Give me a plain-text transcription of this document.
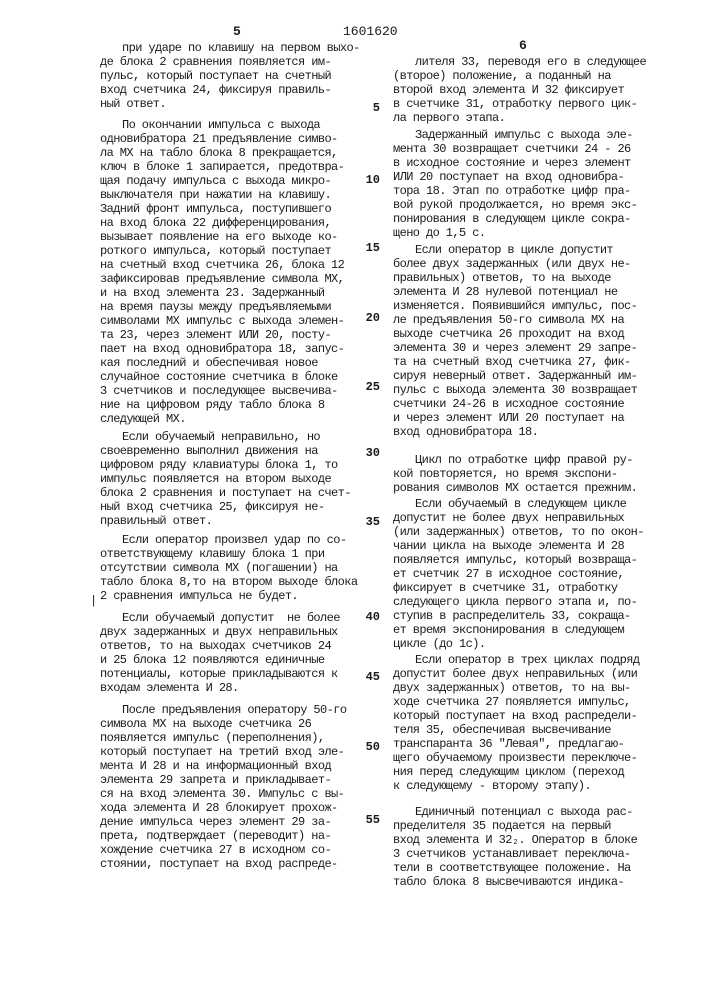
5	1601620
6
|
при ударе по клавишу на первом выхо-
де блока 2 сравнения появляется им-
пульс, который поступает на счетный
вход счетчика 24, фиксируя правиль-
ный ответ.
По окончании импульса с выхода
одновибратора 21 предъявление симво-
ла МХ на табло блока 8 прекращается,
ключ в блоке 1 запирается, предотвра-
щая подачу импульса с выхода микро-
выключателя при нажатии на клавишу.
Задний фронт импульса, поступившего
на вход блока 22 дифференцирования,
вызывает появление на его выходе ко-
роткого импульса, который поступает
на счетный вход счетчика 26, блока 12
зафиксировав предъявление символа МХ,
и на вход элемента 23. Задержанный
на время паузы между предъявляемыми
символами МХ импульс с выхода элемен-
та 23, через элемент ИЛИ 20, посту-
пает на вход одновибратора 18, запус-
кая последний и обеспечивая новое
случайное состояние счетчика в блоке
3 счетчиков и последующее высвечива-
ние на цифровом ряду табло блока 8
следующей МХ.
Если обучаемый неправильно, но
своевременно выполнил движения на
цифровом ряду клавиатуры блока 1, то
импульс появляется на втором выходе
блока 2 сравнения и поступает на счет-
ный вход счетчика 25, фиксируя не-
правильный ответ.
Если оператор произвел удар по со-
ответствующему клавишу блока 1 при
отсутствии символа МХ (погашении) на
табло блока 8,то на втором выходе блока
2 сравнения импульса не будет.
Если обучаемый допустит  не более
двух задержанных и двух неправильных
ответов, то на выходах счетчиков 24
и 25 блока 12 появляются единичные
потенциалы, которые прикладываются к
входам элемента И 28.
После предъявления оператору 50-го
символа МХ на выходе счетчика 26
появляется импульс (переполнения),
который поступает на третий вход эле-
мента И 28 и на информационный вход
элемента 29 запрета и прикладывает-
ся на вход элемента 30. Импульс с вы-
хода элемента И 28 блокирует прохож-
дение импульса через элемент 29 за-
прета, подтверждает (переводит) на-
хождение счетчика 27 в исходном со-
стоянии, поступает на вход распреде-
лителя 33, переводя его в следующее
(второе) положение, а поданный на
второй вход элемента И 32 фиксирует
в счетчике 31, отработку первого цик-
ла первого этапа.
Задержанный импульс с выхода эле-
мента 30 возвращает счетчики 24 - 26
в исходное состояние и через элемент
ИЛИ 20 поступает на вход одновибра-
тора 18. Этап по отработке цифр пра-
вой рукой продолжается, но время экс-
понирования в следующем цикле сокра-
щено до 1,5 с.
Если оператор в цикле допустит
более двух задержанных (или двух не-
правильных) ответов, то на выходе
элемента И 28 нулевой потенциал не
изменяется. Появившийся импульс, пос-
ле предъявления 50-го символа МХ на
выходе счетчика 26 проходит на вход
элемента 30 и через элемент 29 запре-
та на счетный вход счетчика 27, фик-
сируя неверный ответ. Задержанный им-
пульс с выхода элемента 30 возвращает
счетчики 24-26 в исходное состояние
и через элемент ИЛИ 20 поступает на
вход одновибратора 18.
Цикл по отработке цифр правой ру-
кой повторяется, но время экспони-
рования символов МХ остается прежним.
Если обучаемый в следующем цикле
допустит не более двух неправильных
(или задержанных) ответов, то по окон-
чании цикла на выходе элемента И 28
появляется импульс, который возвраща-
ет счетчик 27 в исходное состояние,
фиксирует в счетчике 31, отработку
следующего цикла первого этапа и, по-
ступив в распределитель 33, сокраща-
ет время экспонирования в следующем
цикле (до 1с).
Если оператор в трех циклах подряд
допустит более двух неправильных (или
двух задержанных) ответов, то на вы-
ходе счетчика 27 появляется импульс,
который поступает на вход распредели-
теля 35, обеспечивая высвечивание
транспаранта 36 "Левая", предлагаю-
щего обучаемому произвести переключе-
ния перед следующим циклом (переход
к следующему - второму этапу).
Единичный потенциал с выхода рас-
пределителя 35 подается на первый
вход элемента И 32₂. Оператор в блоке
3 счетчиков устанавливает переключа-
тели в соответствующее положение. На
табло блока 8 высвечиваются индика-
5
10
15
20
25
30
35
40
45
50
55
